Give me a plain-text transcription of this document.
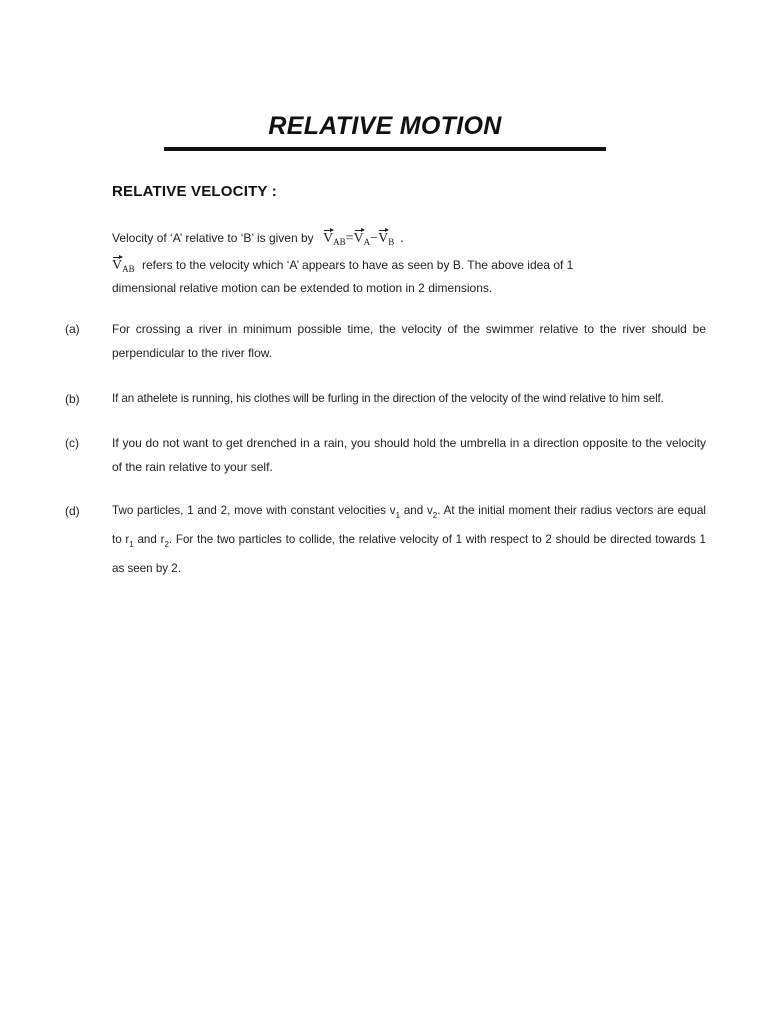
RELATIVE MOTION
RELATIVE VELOCITY :
Velocity of ‘A’ relative to ‘B’ is given by $V_{AB}=V_A-V_B$ .
$V_{AB}$ refers to the velocity which ‘A’ appears to have as seen by B. The above idea of 1
dimensional relative motion can be extended to motion in 2 dimensions.
(a)	For crossing a river in minimum possible time, the velocity of the swimmer relative to the river should be perpendicular to the river flow.
(b)	If an athelete is running, his clothes will be furling in the direction of the velocity of the wind relative to him self.
(c)	If you do not want to get drenched in a rain, you should hold the umbrella in a direction opposite to the velocity of the rain relative to your self.
(d)	Two particles, 1 and 2, move with constant velocities $v_1$ and $v_2$. At the initial moment their radius vectors are equal to $r_1$ and $r_2$. For the two particles to collide, the relative velocity of 1 with respect to 2 should be directed towards 1 as seen by 2.
